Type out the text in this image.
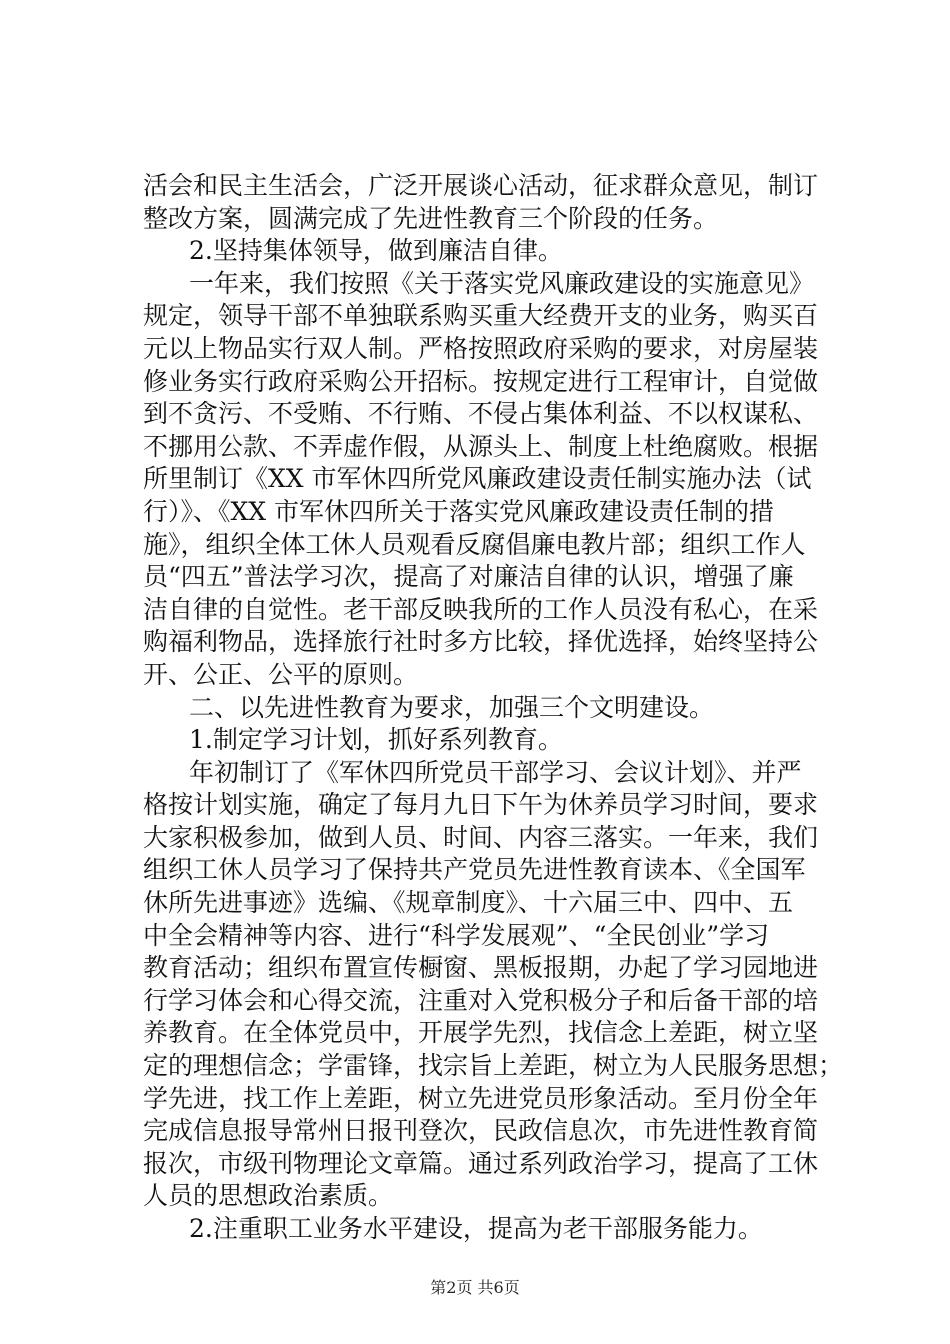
活会和民主生活会，广泛开展谈心活动，征求群众意见，制订
整改方案，圆满完成了先进性教育三个阶段的任务。
2.坚持集体领导，做到廉洁自律。
一年来，我们按照《关于落实党风廉政建设的实施意见》
规定，领导干部不单独联系购买重大经费开支的业务，购买百
元以上物品实行双人制。严格按照政府采购的要求，对房屋装
修业务实行政府采购公开招标。按规定进行工程审计，自觉做
到不贪污、不受贿、不行贿、不侵占集体利益、不以权谋私、
不挪用公款、不弄虚作假，从源头上、制度上杜绝腐败。根据
所里制订《XX 市军休四所党风廉政建设责任制实施办法（试
行）》、《XX 市军休四所关于落实党风廉政建设责任制的措
施》，组织全体工休人员观看反腐倡廉电教片部；组织工作人
员“四五”普法学习次，提高了对廉洁自律的认识，增强了廉
洁自律的自觉性。老干部反映我所的工作人员没有私心，在采
购福利物品，选择旅行社时多方比较，择优选择，始终坚持公
开、公正、公平的原则。
二、以先进性教育为要求，加强三个文明建设。
1.制定学习计划，抓好系列教育。
年初制订了《军休四所党员干部学习、会议计划》、并严
格按计划实施，确定了每月九日下午为休养员学习时间，要求
大家积极参加，做到人员、时间、内容三落实。一年来，我们
组织工休人员学习了保持共产党员先进性教育读本、《全国军
休所先进事迹》选编、《规章制度》、十六届三中、四中、五
中全会精神等内容、进行“科学发展观”、“全民创业”学习
教育活动；组织布置宣传橱窗、黑板报期，办起了学习园地进
行学习体会和心得交流，注重对入党积极分子和后备干部的培
养教育。在全体党员中，开展学先烈，找信念上差距，树立坚
定的理想信念；学雷锋，找宗旨上差距，树立为人民服务思想；
学先进，找工作上差距，树立先进党员形象活动。至月份全年
完成信息报导常州日报刊登次，民政信息次，市先进性教育简
报次，市级刊物理论文章篇。通过系列政治学习，提高了工休
人员的思想政治素质。
2.注重职工业务水平建设，提高为老干部服务能力。
第2页 共6页
